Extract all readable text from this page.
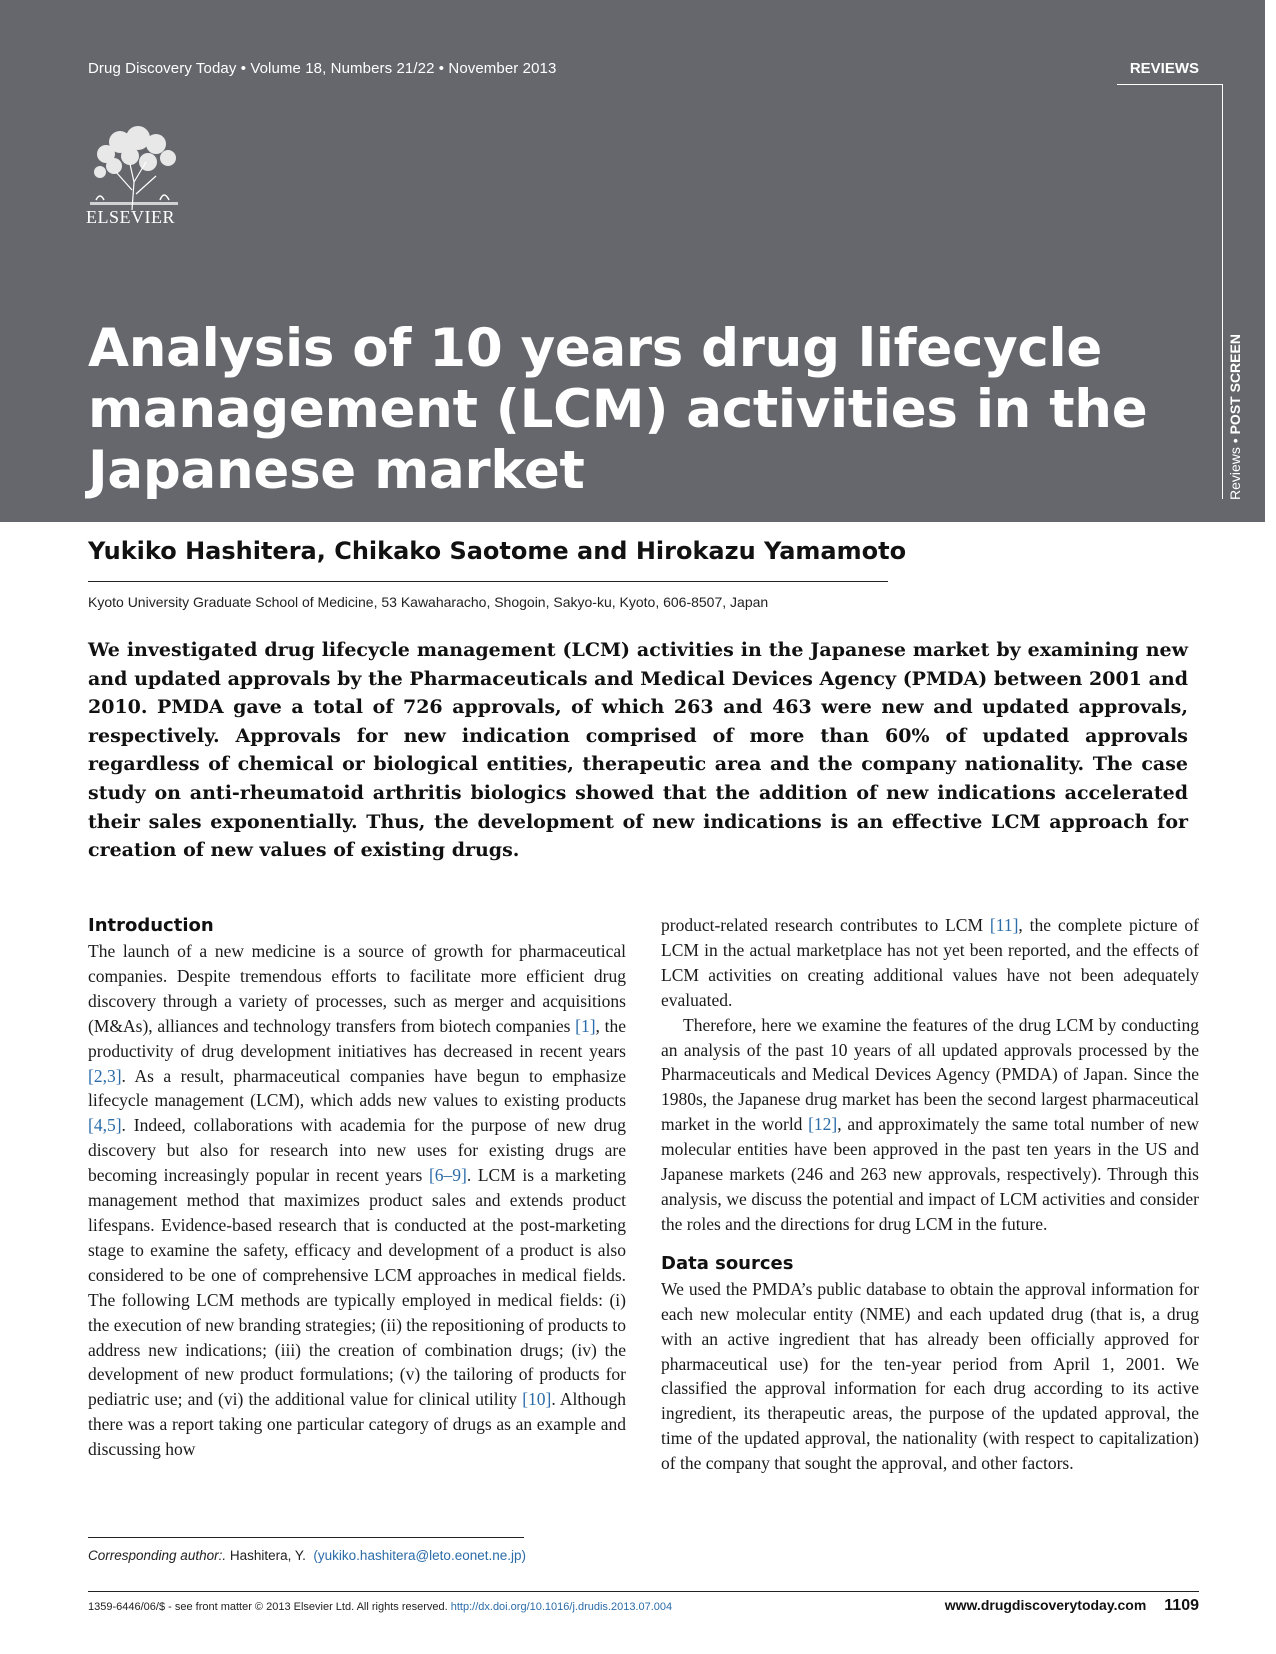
Drug Discovery Today • Volume 18, Numbers 21/22 • November 2013	REVIEWS
Reviews • POST SCREEN
ELSEVIER
Analysis of 10 years drug lifecycle management (LCM) activities in the Japanese market

Yukiko Hashitera, Chikako Saotome and Hirokazu Yamamoto

Kyoto University Graduate School of Medicine, 53 Kawaharacho, Shogoin, Sakyo-ku, Kyoto, 606-8507, Japan

We investigated drug lifecycle management (LCM) activities in the Japanese market by examining new and updated approvals by the Pharmaceuticals and Medical Devices Agency (PMDA) between 2001 and 2010. PMDA gave a total of 726 approvals, of which 263 and 463 were new and updated approvals, respectively. Approvals for new indication comprised of more than 60% of updated approvals regardless of chemical or biological entities, therapeutic area and the company nationality. The case study on anti-rheumatoid arthritis biologics showed that the addition of new indications accelerated their sales exponentially. Thus, the development of new indications is an effective LCM approach for creation of new values of existing drugs.

Introduction

The launch of a new medicine is a source of growth for pharmaceutical companies. Despite tremendous efforts to facilitate more efficient drug discovery through a variety of processes, such as merger and acquisitions (M&As), alliances and technology transfers from biotech companies [1], the productivity of drug development initiatives has decreased in recent years [2,3]. As a result, pharmaceutical companies have begun to emphasize lifecycle management (LCM), which adds new values to existing products [4,5]. Indeed, collaborations with academia for the purpose of new drug discovery but also for research into new uses for existing drugs are becoming increasingly popular in recent years [6–9]. LCM is a marketing management method that maximizes product sales and extends product lifespans. Evidence-based research that is conducted at the post-marketing stage to examine the safety, efficacy and development of a product is also considered to be one of comprehensive LCM approaches in medical fields. The following LCM methods are typically employed in medical fields: (i) the execution of new branding strategies; (ii) the repositioning of products to address new indications; (iii) the creation of combination drugs; (iv) the development of new product formulations; (v) the tailoring of products for pediatric use; and (vi) the additional value for clinical utility [10]. Although there was a report taking one particular category of drugs as an example and discussing how

product-related research contributes to LCM [11], the complete picture of LCM in the actual marketplace has not yet been reported, and the effects of LCM activities on creating additional values have not been adequately evaluated.

Therefore, here we examine the features of the drug LCM by conducting an analysis of the past 10 years of all updated approvals processed by the Pharmaceuticals and Medical Devices Agency (PMDA) of Japan. Since the 1980s, the Japanese drug market has been the second largest pharmaceutical market in the world [12], and approximately the same total number of new molecular entities have been approved in the past ten years in the US and Japanese markets (246 and 263 new approvals, respectively). Through this analysis, we discuss the potential and impact of LCM activities and consider the roles and the directions for drug LCM in the future.

Data sources

We used the PMDA’s public database to obtain the approval information for each new molecular entity (NME) and each updated drug (that is, a drug with an active ingredient that has already been officially approved for pharmaceutical use) for the ten-year period from April 1, 2001. We classified the approval information for each drug according to its active ingredient, its therapeutic areas, the purpose of the updated approval, the time of the updated approval, the nationality (with respect to capitalization) of the company that sought the approval, and other factors.

Corresponding author:. Hashitera, Y. (yukiko.hashitera@leto.eonet.ne.jp)
1359-6446/06/$ - see front matter © 2013 Elsevier Ltd. All rights reserved. http://dx.doi.org/10.1016/j.drudis.2013.07.004	www.drugdiscoverytoday.com 1109
